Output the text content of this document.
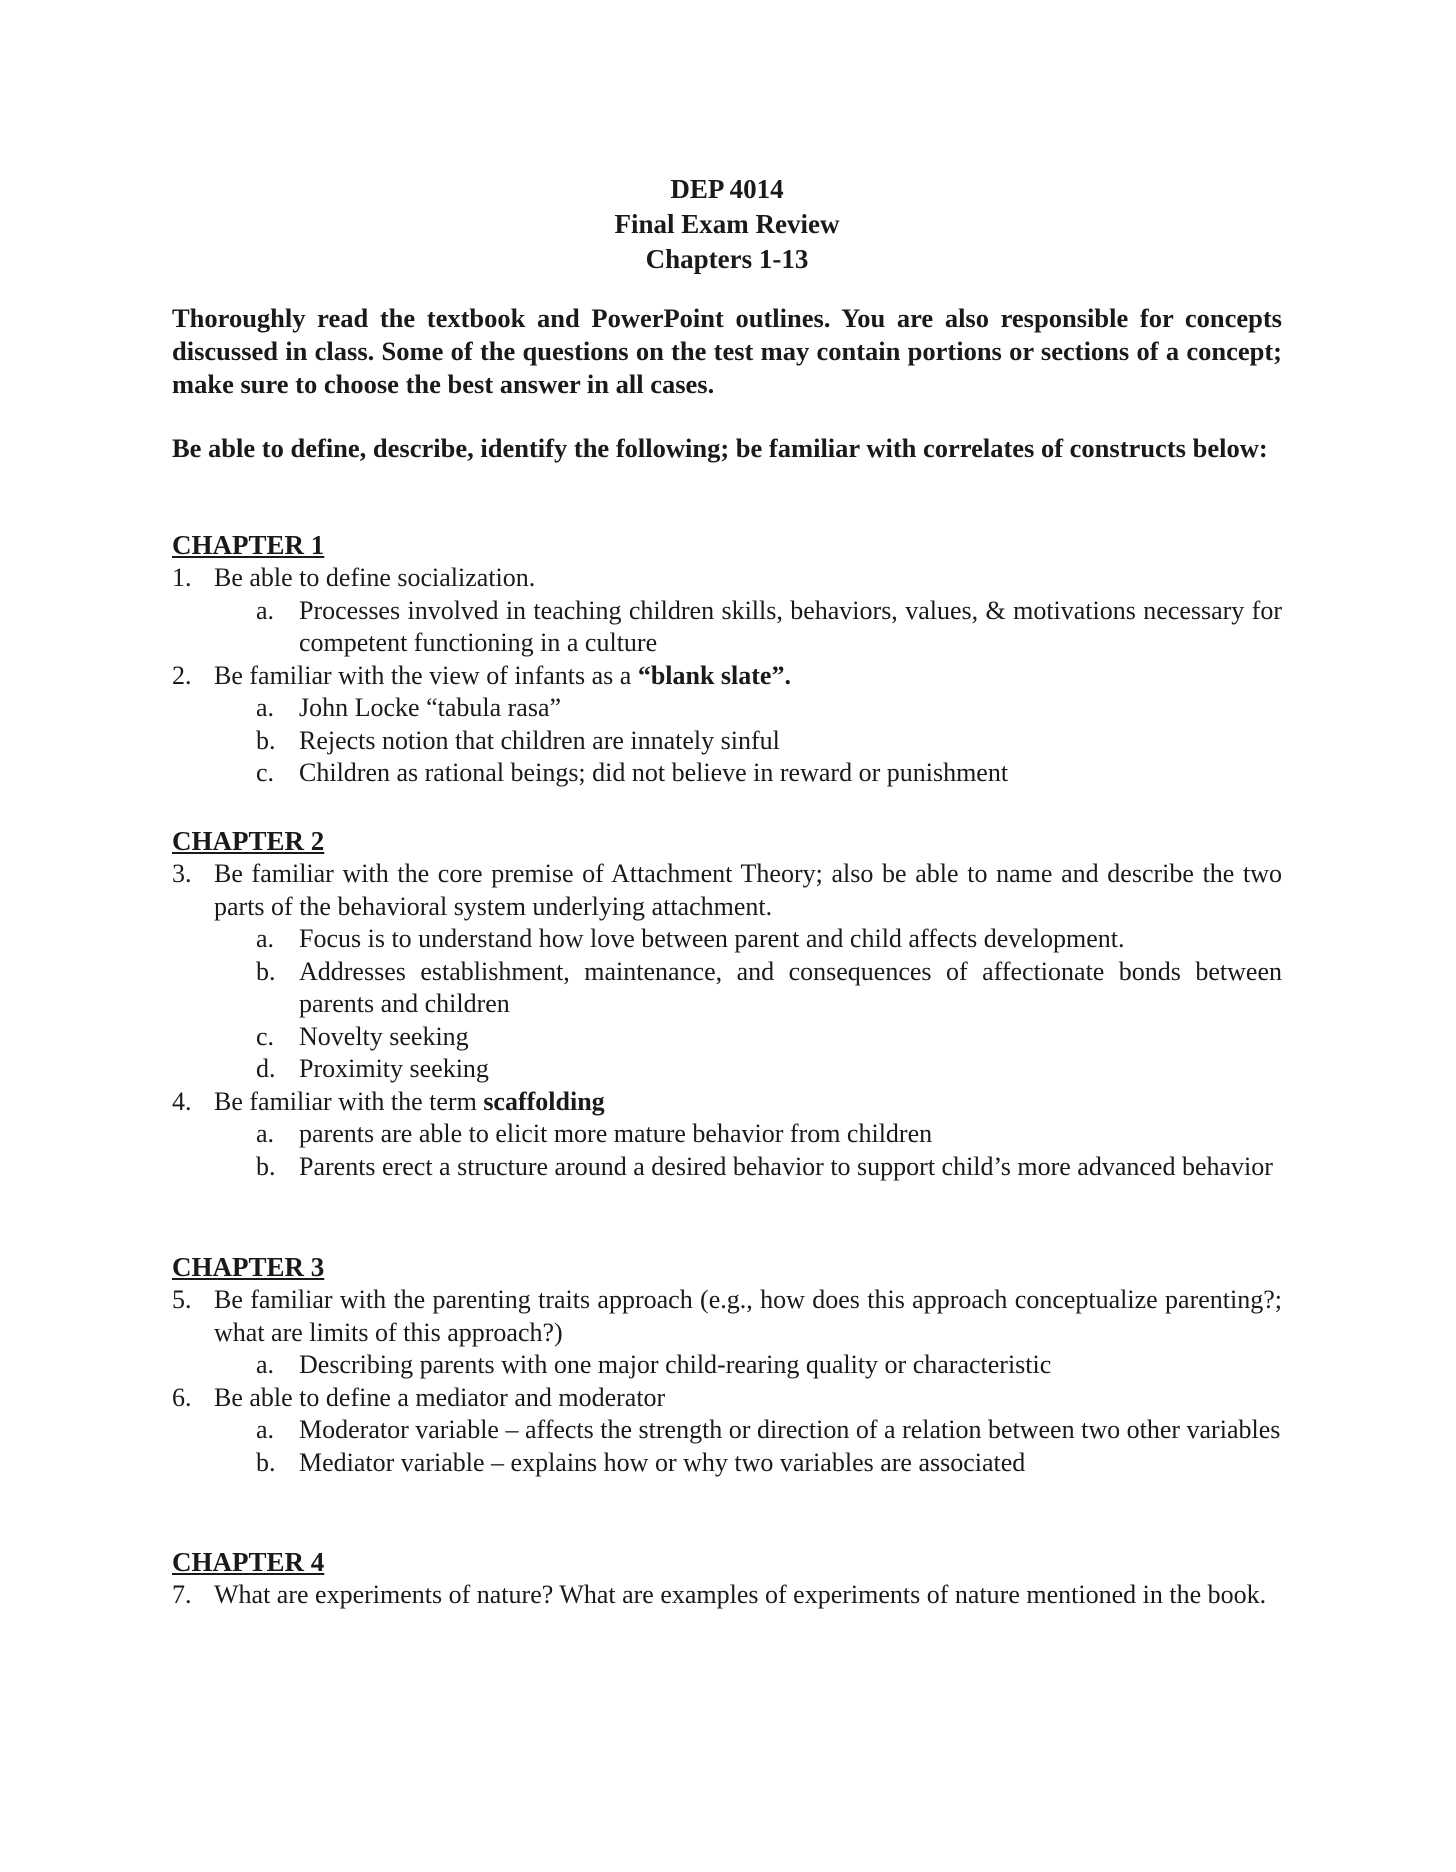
DEP 4014
Final Exam Review
Chapters 1-13
Thoroughly read the textbook and PowerPoint outlines. You are also responsible for concepts discussed in class. Some of the questions on the test may contain portions or sections of a concept; make sure to choose the best answer in all cases.
Be able to define, describe, identify the following; be familiar with correlates of constructs below:
CHAPTER 1
1. Be able to define socialization.
a. Processes involved in teaching children skills, behaviors, values, & motivations necessary for competent functioning in a culture
2. Be familiar with the view of infants as a “blank slate”.
a. John Locke “tabula rasa”
b. Rejects notion that children are innately sinful
c. Children as rational beings; did not believe in reward or punishment
CHAPTER 2
3. Be familiar with the core premise of Attachment Theory; also be able to name and describe the two parts of the behavioral system underlying attachment.
a. Focus is to understand how love between parent and child affects development.
b. Addresses establishment, maintenance, and consequences of affectionate bonds between parents and children
c. Novelty seeking
d. Proximity seeking
4. Be familiar with the term scaffolding
a. parents are able to elicit more mature behavior from children
b. Parents erect a structure around a desired behavior to support child’s more advanced behavior
CHAPTER 3
5. Be familiar with the parenting traits approach (e.g., how does this approach conceptualize parenting?; what are limits of this approach?)
a. Describing parents with one major child-rearing quality or characteristic
6. Be able to define a mediator and moderator
a. Moderator variable – affects the strength or direction of a relation between two other variables
b. Mediator variable – explains how or why two variables are associated
CHAPTER 4
7. What are experiments of nature? What are examples of experiments of nature mentioned in the book.
